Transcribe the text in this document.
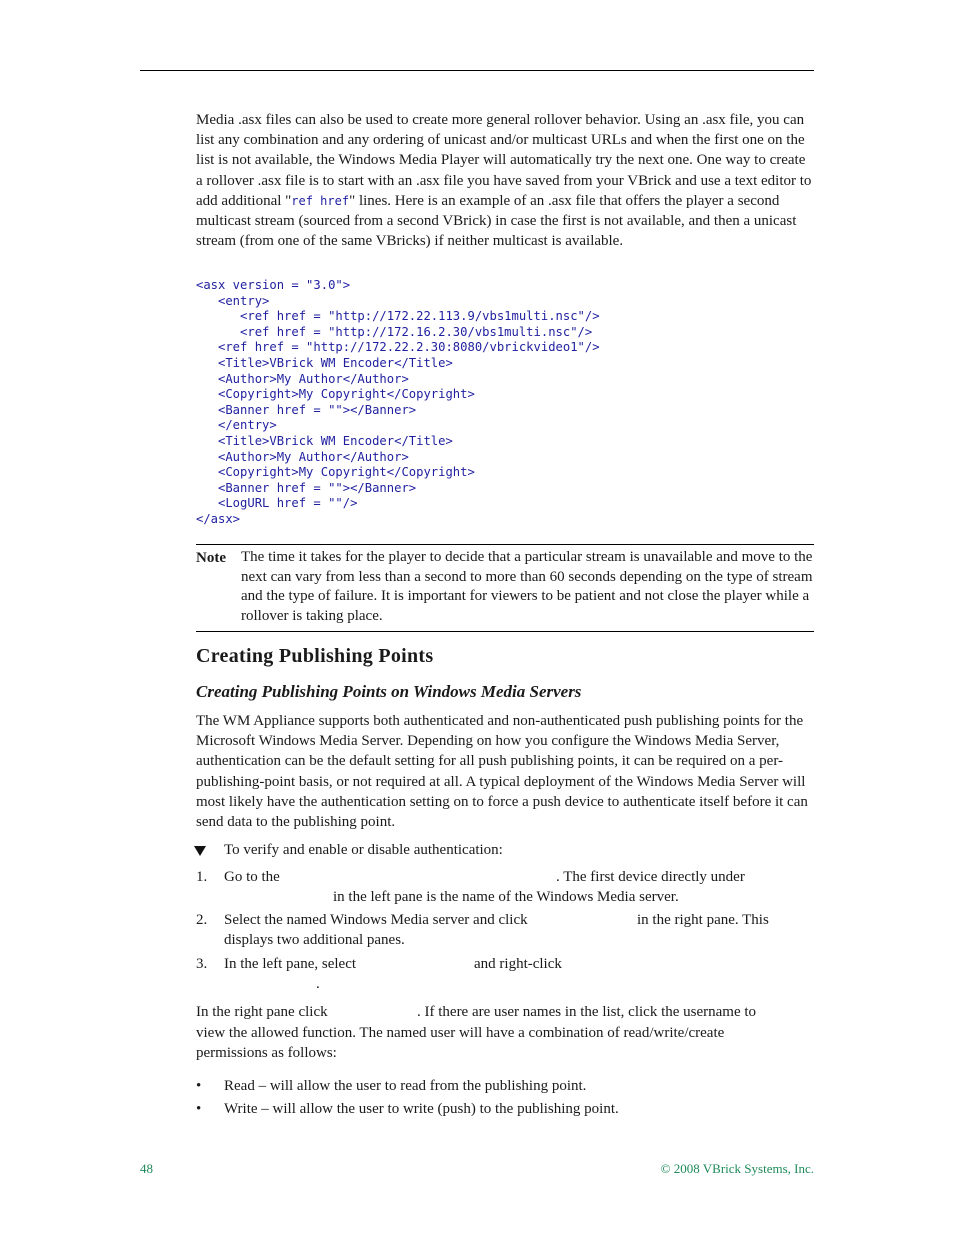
Media .asx files can also be used to create more general rollover behavior. Using an .asx file, you can list any combination and any ordering of unicast and/or multicast URLs and when the first one on the list is not available, the Windows Media Player will automatically try the next one. One way to create a rollover .asx file is to start with an .asx file you have saved from your VBrick and use a text editor to add additional "ref href" lines. Here is an example of an .asx file that offers the player a second multicast stream (sourced from a second VBrick) in case the first is not available, and then a unicast stream (from one of the same VBricks) if neither multicast is available.

<asx version = "3.0">
<entry>
<ref href = "http://172.22.113.9/vbs1multi.nsc"/>
<ref href = "http://172.16.2.30/vbs1multi.nsc"/>
<ref href = "http://172.22.2.30:8080/vbrickvideo1"/>
<Title>VBrick WM Encoder</Title>
<Author>My Author</Author>
<Copyright>My Copyright</Copyright>
<Banner href = ""></Banner>
</entry>
<Title>VBrick WM Encoder</Title>
<Author>My Author</Author>
<Copyright>My Copyright</Copyright>
<Banner href = ""></Banner>
<LogURL href = ""/>
</asx>
Note The time it takes for the player to decide that a particular stream is unavailable and move to the next can vary from less than a second to more than 60 seconds depending on the type of stream and the type of failure. It is important for viewers to be patient and not close the player while a rollover is taking place.

Creating Publishing Points
Creating Publishing Points on Windows Media Servers

The WM Appliance supports both authenticated and non-authenticated push publishing points for the Microsoft Windows Media Server. Depending on how you configure the Windows Media Server, authentication can be the default setting for all push publishing points, it can be required on a per-publishing-point basis, or not required at all. A typical deployment of the Windows Media Server will most likely have the authentication setting on to force a push device to authenticate itself before it can send data to the publishing point.

To verify and enable or disable authentication:
1. Go to the	. The first device directly under
in the left pane is the name of the Windows Media server.
2. Select the named Windows Media server and click	in the right pane. This
displays two additional panes.
3. In the left pane, select	and right-click
.
In the right pane click	. If there are user names in the list, click the username to
view the allowed function. The named user will have a combination of read/write/create
permissions as follows:
• Read – will allow the user to read from the publishing point.
• Write – will allow the user to write (push) to the publishing point.
48	© 2008 VBrick Systems, Inc.
